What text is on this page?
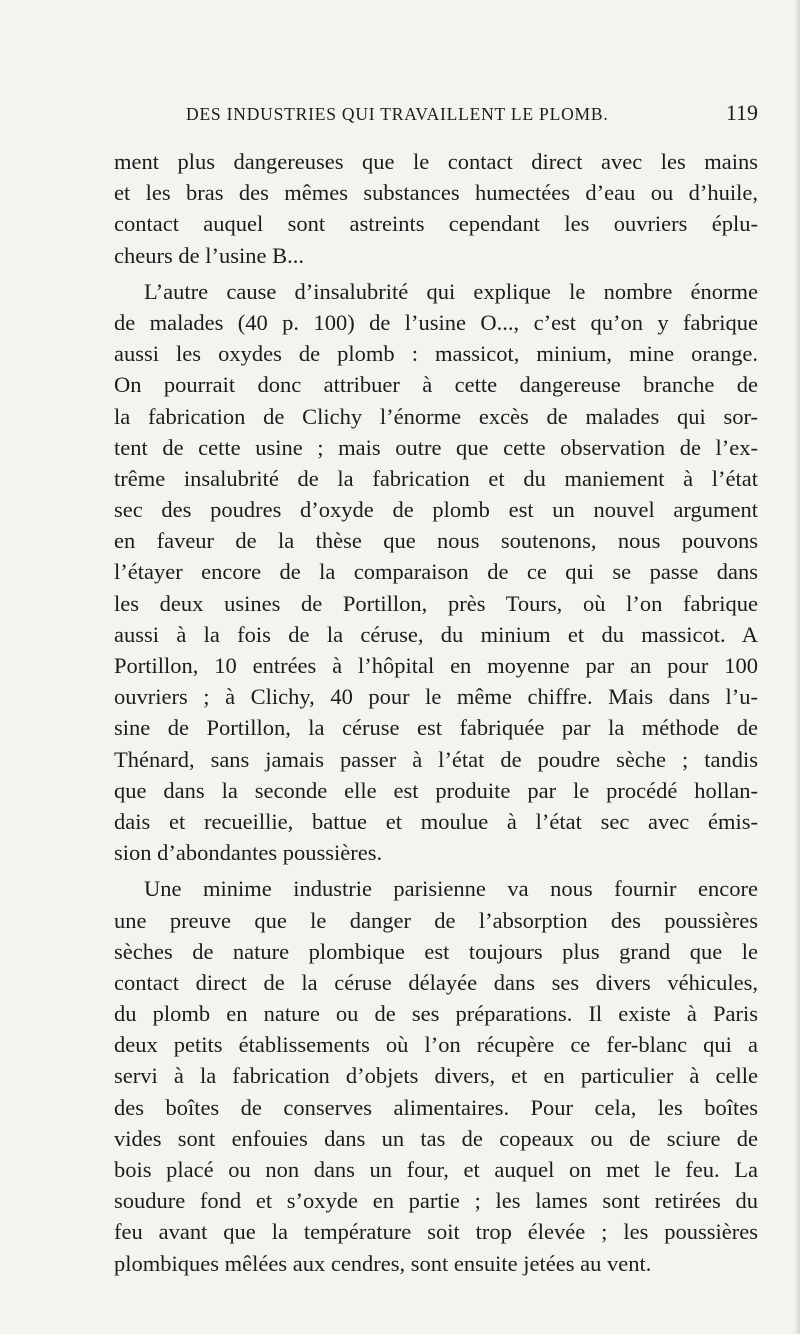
DES INDUSTRIES QUI TRAVAILLENT LE PLOMB.	119
ment plus dangereuses que le contact direct avec les mains
et les bras des mêmes substances humectées d’eau ou d’huile,
contact auquel sont astreints cependant les ouvriers éplu-
cheurs de l’usine B...
L’autre cause d’insalubrité qui explique le nombre énorme
de malades (40 p. 100) de l’usine O..., c’est qu’on y fabrique
aussi les oxydes de plomb : massicot, minium, mine orange.
On pourrait donc attribuer à cette dangereuse branche de
la fabrication de Clichy l’énorme excès de malades qui sor-
tent de cette usine ; mais outre que cette observation de l’ex-
trême insalubrité de la fabrication et du maniement à l’état
sec des poudres d’oxyde de plomb est un nouvel argument
en faveur de la thèse que nous soutenons, nous pouvons
l’étayer encore de la comparaison de ce qui se passe dans
les deux usines de Portillon, près Tours, où l’on fabrique
aussi à la fois de la céruse, du minium et du massicot. A
Portillon, 10 entrées à l’hôpital en moyenne par an pour 100
ouvriers ; à Clichy, 40 pour le même chiffre. Mais dans l’u-
sine de Portillon, la céruse est fabriquée par la méthode de
Thénard, sans jamais passer à l’état de poudre sèche ; tandis
que dans la seconde elle est produite par le procédé hollan-
dais et recueillie, battue et moulue à l’état sec avec émis-
sion d’abondantes poussières.
Une minime industrie parisienne va nous fournir encore
une preuve que le danger de l’absorption des poussières
sèches de nature plombique est toujours plus grand que le
contact direct de la céruse délayée dans ses divers véhicules,
du plomb en nature ou de ses préparations. Il existe à Paris
deux petits établissements où l’on récupère ce fer-blanc qui a
servi à la fabrication d’objets divers, et en particulier à celle
des boîtes de conserves alimentaires. Pour cela, les boîtes
vides sont enfouies dans un tas de copeaux ou de sciure de
bois placé ou non dans un four, et auquel on met le feu. La
soudure fond et s’oxyde en partie ; les lames sont retirées du
feu avant que la température soit trop élevée ; les poussières
plombiques mêlées aux cendres, sont ensuite jetées au vent.
